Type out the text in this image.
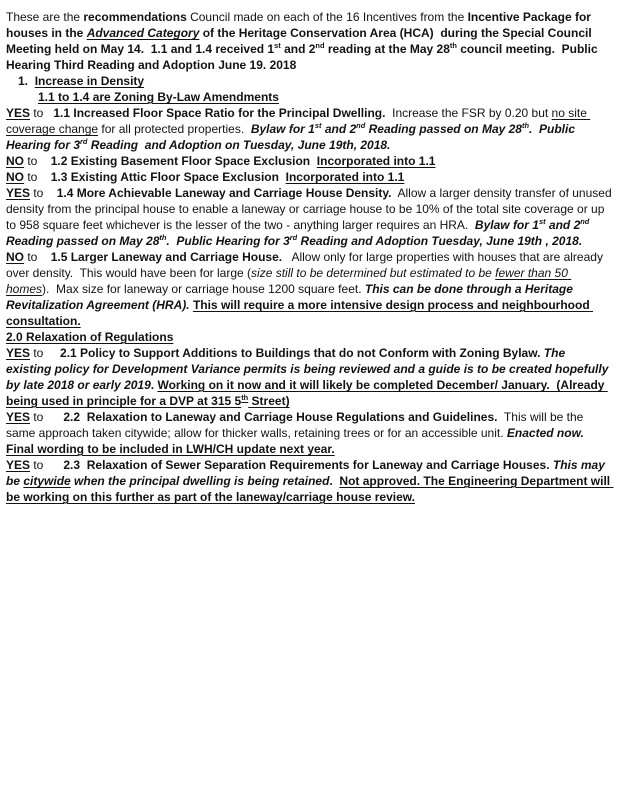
These are the recommendations Council made on each of the 16 Incentives from the Incentive Package for houses in the Advanced Category of the Heritage Conservation Area (HCA)  during the Special Council Meeting held on May 14.  1.1 and 1.4 received 1st and 2nd reading at the May 28th council meeting.  Public Hearing Third Reading and Adoption June 19. 2018

1.  Increase in Density

1.1 to 1.4 are Zoning By-Law Amendments

YES to   1.1 Increased Floor Space Ratio for the Principal Dwelling.  Increase the FSR by 0.20 but no site coverage change for all protected properties.  Bylaw for 1st and 2nd Reading passed on May 28th.  Public Hearing for 3rd Reading  and Adoption on Tuesday, June 19th, 2018.

NO to    1.2 Existing Basement Floor Space Exclusion  Incorporated into 1.1

NO to    1.3 Existing Attic Floor Space Exclusion  Incorporated into 1.1

YES to    1.4 More Achievable Laneway and Carriage House Density.  Allow a larger density transfer of unused density from the principal house to enable a laneway or carriage house to be 10% of the total site coverage or up to 958 square feet whichever is the lesser of the two - anything larger requires an HRA.  Bylaw for 1st and 2nd Reading passed on May 28th.  Public Hearing for 3rd Reading and Adoption Tuesday, June 19th , 2018.

NO to    1.5 Larger Laneway and Carriage House.   Allow only for large properties with houses that are already over density.  This would have been for large (size still to be determined but estimated to be fewer than 50 homes).  Max size for laneway or carriage house 1200 square feet. This can be done through a Heritage Revitalization Agreement (HRA). This will require a more intensive design process and neighbourhood consultation.

2.0 Relaxation of Regulations

YES to     2.1 Policy to Support Additions to Buildings that do not Conform with Zoning Bylaw. The existing policy for Development Variance permits is being reviewed and a guide is to be created hopefully by late 2018 or early 2019. Working on it now and it will likely be completed December/ January.  (Already being used in principle for a DVP at 315 5th Street)

YES to      2.2  Relaxation to Laneway and Carriage House Regulations and Guidelines.  This will be the same approach taken citywide; allow for thicker walls, retaining trees or for an accessible unit. Enacted now.  Final wording to be included in LWH/CH update next year.

YES to      2.3  Relaxation of Sewer Separation Requirements for Laneway and Carriage Houses. This may be citywide when the principal dwelling is being retained.  Not approved. The Engineering Department will be working on this further as part of the laneway/carriage house review.
